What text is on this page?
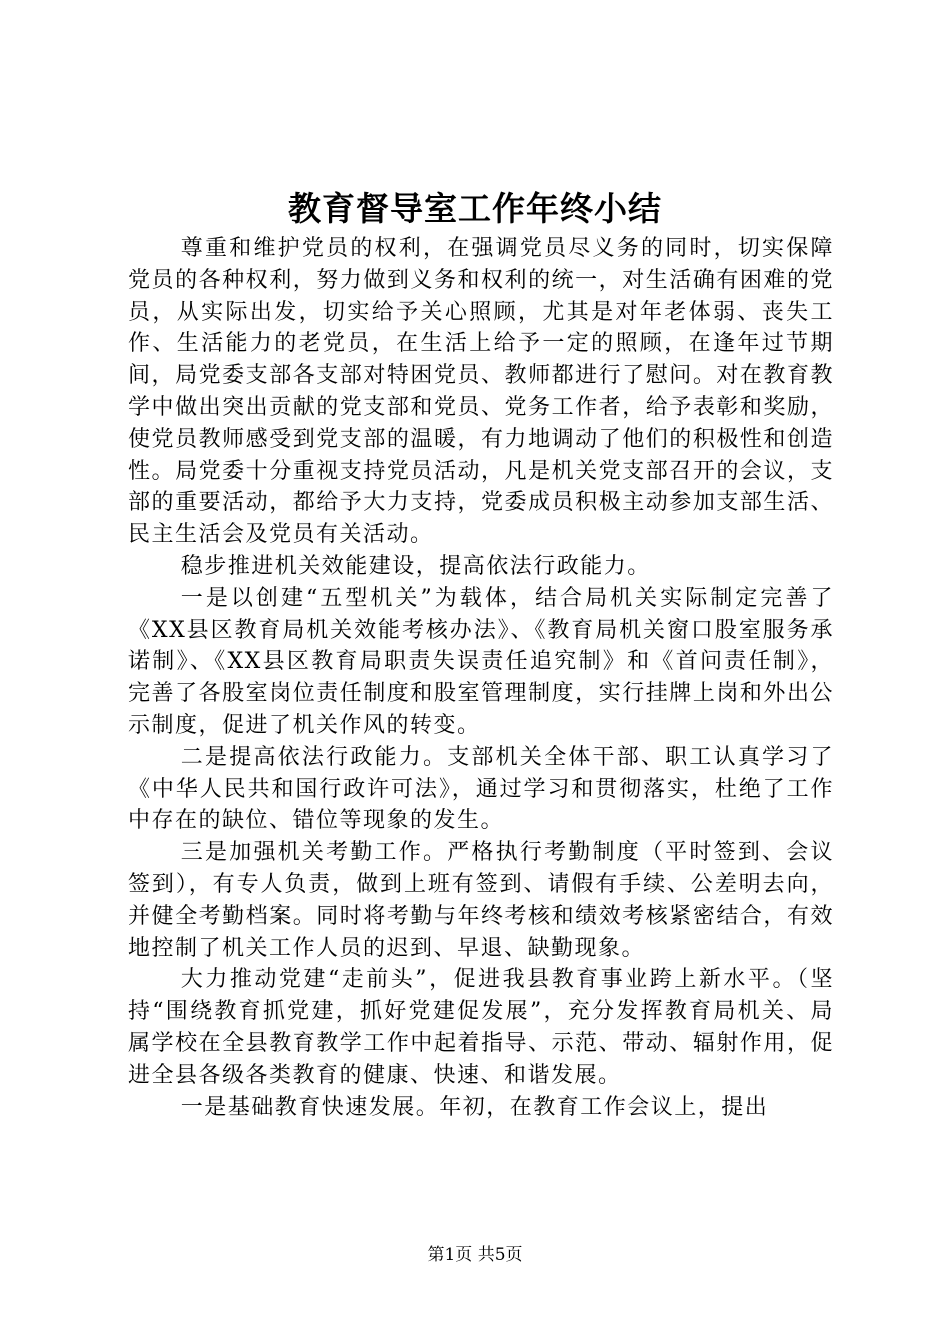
教育督导室工作年终小结

尊重和维护党员的权利，在强调党员尽义务的同时，切实保障党员的各种权利，努力做到义务和权利的统一，对生活确有困难的党员，从实际出发，切实给予关心照顾，尤其是对年老体弱、丧失工作、生活能力的老党员，在生活上给予一定的照顾，在逢年过节期间，局党委支部各支部对特困党员、教师都进行了慰问。对在教育教学中做出突出贡献的党支部和党员、党务工作者，给予表彰和奖励，使党员教师感受到党支部的温暖，有力地调动了他们的积极性和创造性。局党委十分重视支持党员活动，凡是机关党支部召开的会议，支部的重要活动，都给予大力支持，党委成员积极主动参加支部生活、民主生活会及党员有关活动。

稳步推进机关效能建设，提高依法行政能力。

一是以创建“五型机关”为载体，结合局机关实际制定完善了《XX县区教育局机关效能考核办法》、《教育局机关窗口股室服务承诺制》、《XX县区教育局职责失误责任追究制》和《首问责任制》，完善了各股室岗位责任制度和股室管理制度，实行挂牌上岗和外出公示制度，促进了机关作风的转变。

二是提高依法行政能力。支部机关全体干部、职工认真学习了《中华人民共和国行政许可法》，通过学习和贯彻落实，杜绝了工作中存在的缺位、错位等现象的发生。

三是加强机关考勤工作。严格执行考勤制度（平时签到、会议签到），有专人负责，做到上班有签到、请假有手续、公差明去向，并健全考勤档案。同时将考勤与年终考核和绩效考核紧密结合，有效地控制了机关工作人员的迟到、早退、缺勤现象。

大力推动党建“走前头”，促进我县教育事业跨上新水平。（坚持“围绕教育抓党建，抓好党建促发展”，充分发挥教育局机关、局属学校在全县教育教学工作中起着指导、示范、带动、辐射作用，促进全县各级各类教育的健康、快速、和谐发展。

一是基础教育快速发展。年初，在教育工作会议上，提出

第1页 共5页
